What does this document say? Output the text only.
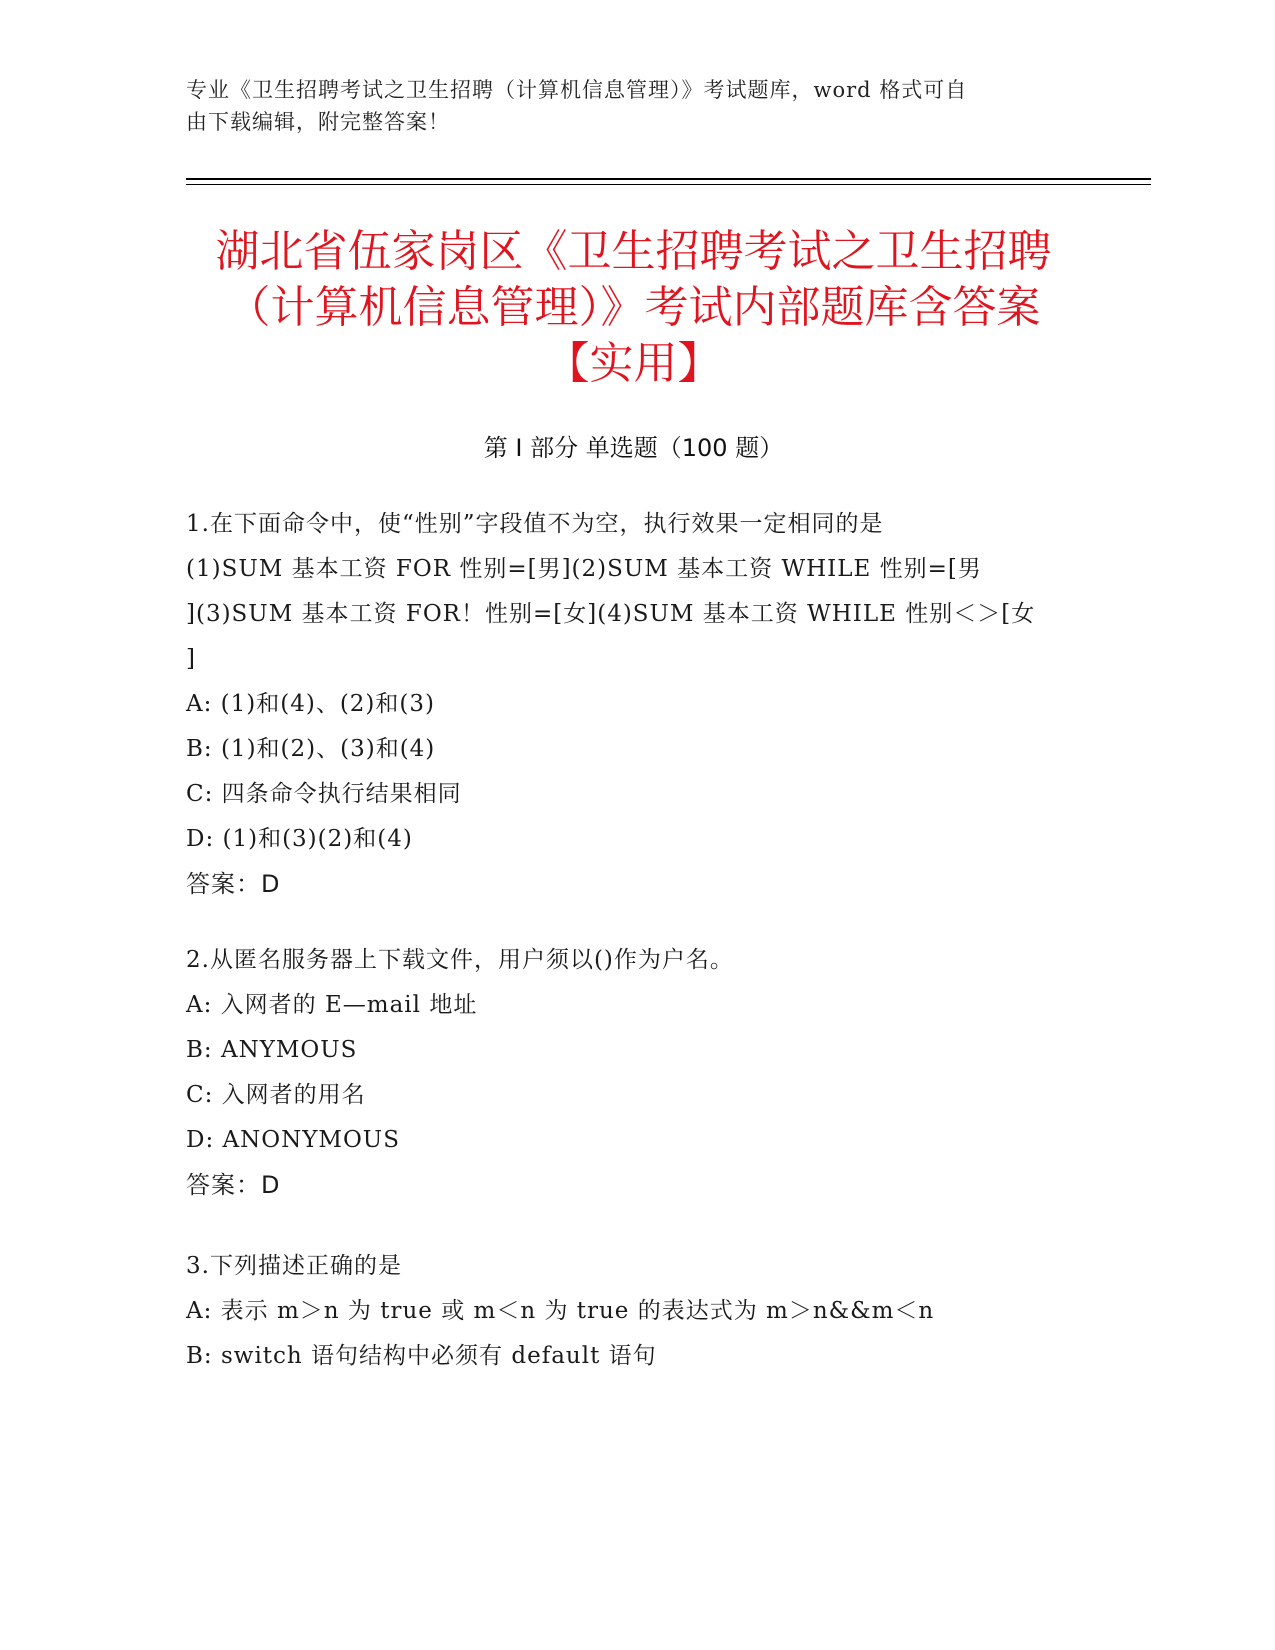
专业《卫生招聘考试之卫生招聘（计算机信息管理）》考试题库，word 格式可自
由下载编辑，附完整答案！
湖北省伍家岗区《卫生招聘考试之卫生招聘
（计算机信息管理）》考试内部题库含答案
【实用】
第 I 部分 单选题（100 题）
1.在下面命令中，使“性别”字段值不为空，执行效果一定相同的是
(1)SUM 基本工资 FOR 性别=[男](2)SUM 基本工资 WHILE 性别=[男
](3)SUM 基本工资 FOR！性别=[女](4)SUM 基本工资 WHILE 性别＜＞[女
]
A: (1)和(4)、(2)和(3)
B: (1)和(2)、(3)和(4)
C: 四条命令执行结果相同
D: (1)和(3)(2)和(4)
答案：D
2.从匿名服务器上下载文件，用户须以()作为户名。
A: 入网者的 E—mail 地址
B: ANYMOUS
C: 入网者的用名
D: ANONYMOUS
答案：D
3.下列描述正确的是
A: 表示 m＞n 为 true 或 m＜n 为 true 的表达式为 m＞n&&m＜n
B: switch 语句结构中必须有 default 语句
